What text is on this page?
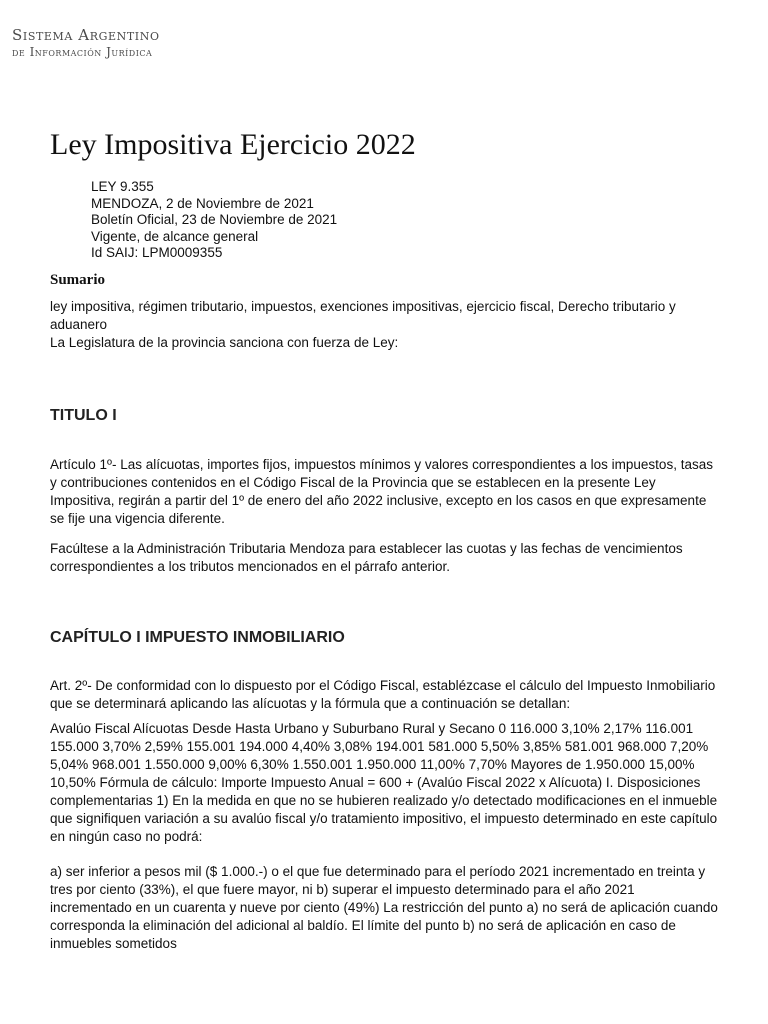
Sistema Argentino
de Información Jurídica
Ley Impositiva Ejercicio 2022
LEY 9.355
MENDOZA, 2 de Noviembre de 2021
Boletín Oficial, 23 de Noviembre de 2021
Vigente, de alcance general
Id SAIJ: LPM0009355
Sumario

ley impositiva, régimen tributario, impuestos, exenciones impositivas, ejercicio fiscal, Derecho tributario y aduanero

La Legislatura de la provincia sanciona con fuerza de Ley:

TITULO I

Artículo 1º- Las alícuotas, importes fijos, impuestos mínimos y valores correspondientes a los impuestos, tasas y contribuciones contenidos en el Código Fiscal de la Provincia que se establecen en la presente Ley Impositiva, regirán a partir del 1º de enero del año 2022 inclusive, excepto en los casos en que expresamente se fije una vigencia diferente.

Facúltese a la Administración Tributaria Mendoza para establecer las cuotas y las fechas de vencimientos correspondientes a los tributos mencionados en el párrafo anterior.

CAPÍTULO I IMPUESTO INMOBILIARIO

Art. 2º- De conformidad con lo dispuesto por el Código Fiscal, establézcase el cálculo del Impuesto Inmobiliario que se determinará aplicando las alícuotas y la fórmula que a continuación se detallan:

Avalúo Fiscal Alícuotas Desde Hasta Urbano y Suburbano Rural y Secano 0 116.000 3,10% 2,17% 116.001 155.000 3,70% 2,59% 155.001 194.000 4,40% 3,08% 194.001 581.000 5,50% 3,85% 581.001 968.000 7,20% 5,04% 968.001 1.550.000 9,00% 6,30% 1.550.001 1.950.000 11,00% 7,70% Mayores de 1.950.000 15,00% 10,50% Fórmula de cálculo: Importe Impuesto Anual = 600 + (Avalúo Fiscal 2022 x Alícuota) I. Disposiciones complementarias 1) En la medida en que no se hubieren realizado y/o detectado modificaciones en el inmueble que signifiquen variación a su avalúo fiscal y/o tratamiento impositivo, el impuesto determinado en este capítulo en ningún caso no podrá:

a) ser inferior a pesos mil ($ 1.000.-) o el que fue determinado para el período 2021 incrementado en treinta y tres por ciento (33%), el que fuere mayor, ni b) superar el impuesto determinado para el año 2021 incrementado en un cuarenta y nueve por ciento (49%) La restricción del punto a) no será de aplicación cuando corresponda la eliminación del adicional al baldío. El límite del punto b) no será de aplicación en caso de inmuebles sometidos
